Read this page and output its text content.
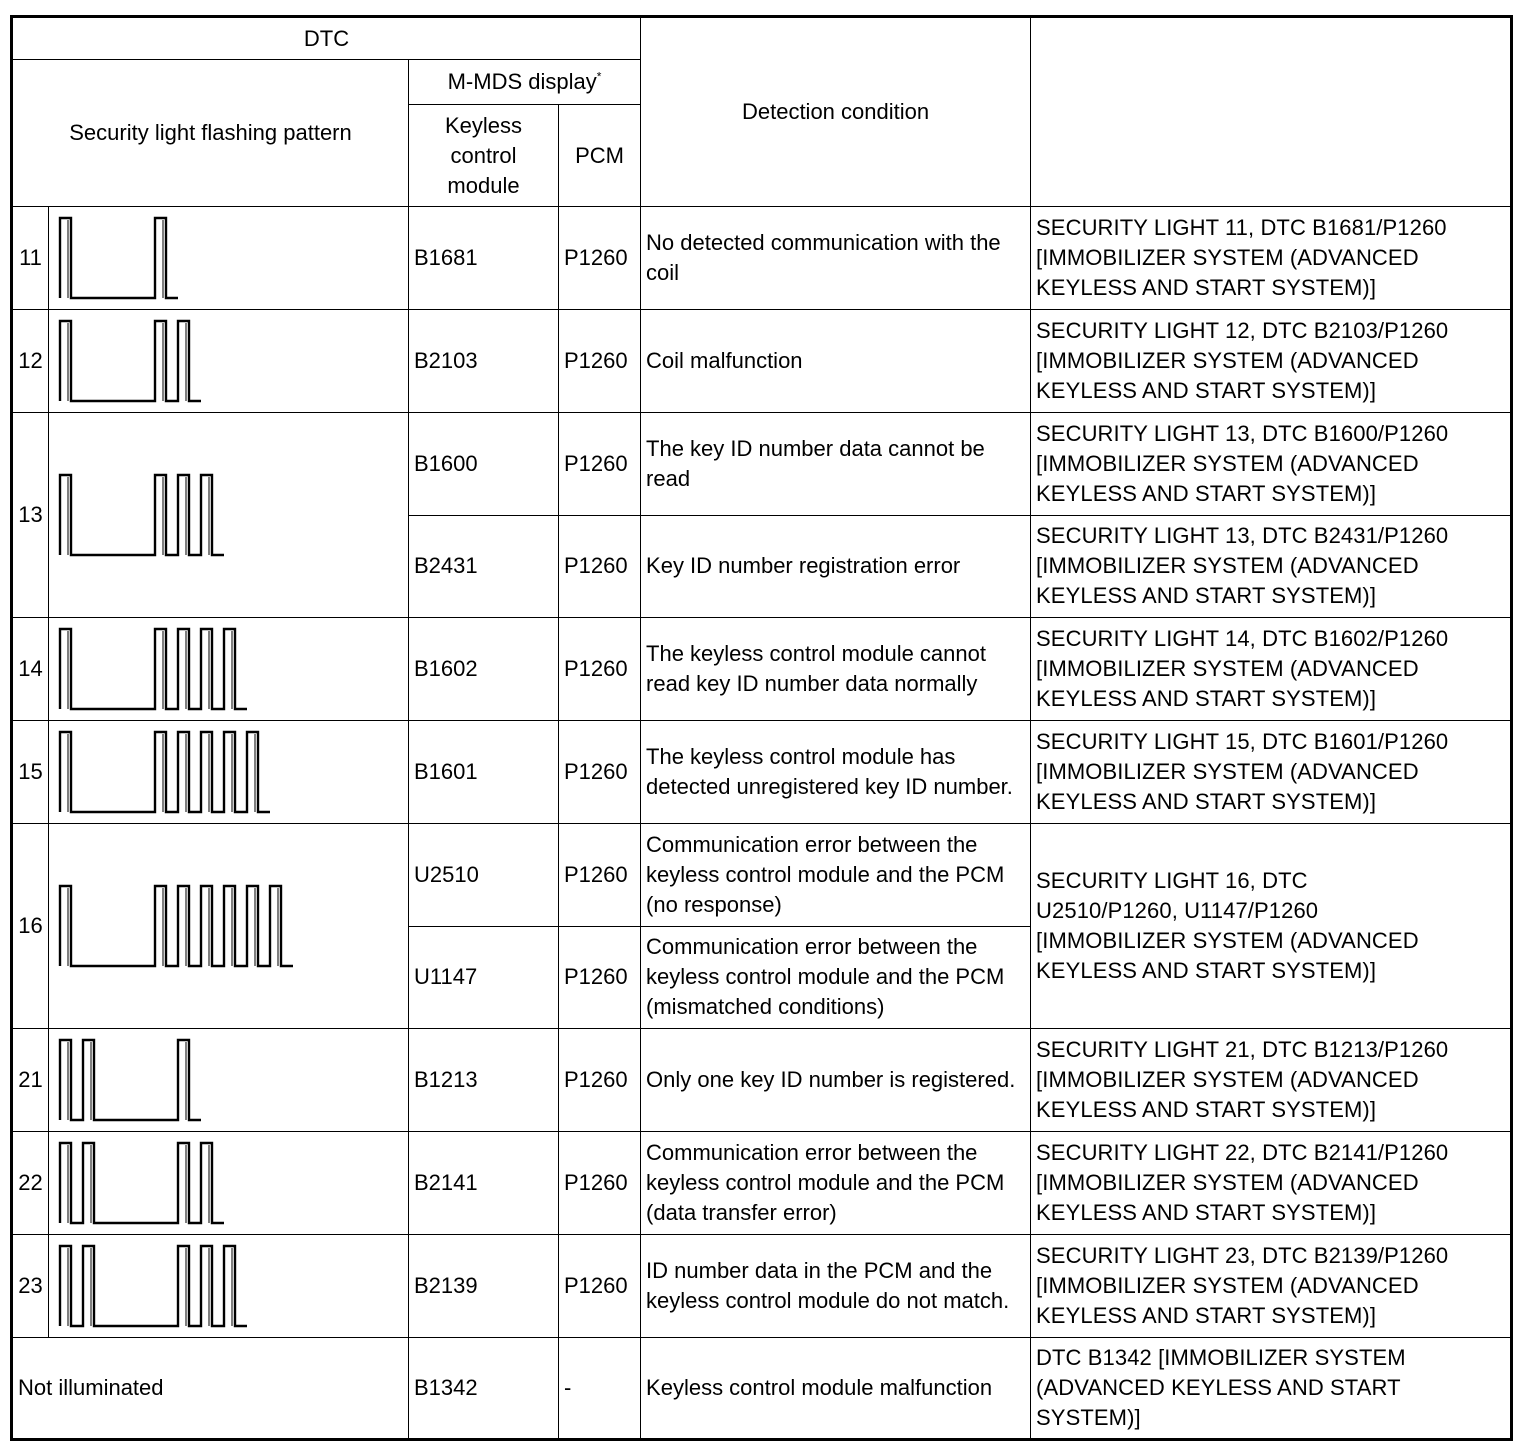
DTC				Detection condition	
Security light flashing pattern		M-MDS display*
		Keyless control module	PCM		
11		B1681	P1260	No detected communication with the coil	SECURITY LIGHT 11, DTC B1681/P1260
[IMMOBILIZER SYSTEM (ADVANCED
KEYLESS AND START SYSTEM)]

12		B2103	P1260	Coil malfunction	SECURITY LIGHT 12, DTC B2103/P1260
[IMMOBILIZER SYSTEM (ADVANCED
KEYLESS AND START SYSTEM)]

13		B1600	P1260	The key ID number data cannot be read	SECURITY LIGHT 13, DTC B1600/P1260
[IMMOBILIZER SYSTEM (ADVANCED
KEYLESS AND START SYSTEM)]

		B2431	P1260	Key ID number registration error	SECURITY LIGHT 13, DTC B2431/P1260
[IMMOBILIZER SYSTEM (ADVANCED
KEYLESS AND START SYSTEM)]

14		B1602	P1260	The keyless control module cannot read key ID number data normally	SECURITY LIGHT 14, DTC B1602/P1260
[IMMOBILIZER SYSTEM (ADVANCED
KEYLESS AND START SYSTEM)]

15		B1601	P1260	The keyless control module has detected unregistered key ID number.	SECURITY LIGHT 15, DTC B1601/P1260
[IMMOBILIZER SYSTEM (ADVANCED
KEYLESS AND START SYSTEM)]

16		U2510	P1260	Communication error between the keyless control module and the PCM (no response)	SECURITY LIGHT 16, DTC
U2510/P1260, U1147/P1260
[IMMOBILIZER SYSTEM (ADVANCED
KEYLESS AND START SYSTEM)]

		U1147	P1260	Communication error between the keyless control module and the PCM (mismatched conditions)	
21		B1213	P1260	Only one key ID number is registered.	SECURITY LIGHT 21, DTC B1213/P1260
[IMMOBILIZER SYSTEM (ADVANCED
KEYLESS AND START SYSTEM)]

22		B2141	P1260	Communication error between the keyless control module and the PCM (data transfer error)	SECURITY LIGHT 22, DTC B2141/P1260
[IMMOBILIZER SYSTEM (ADVANCED
KEYLESS AND START SYSTEM)]

23		B2139	P1260	ID number data in the PCM and the keyless control module do not match.	SECURITY LIGHT 23, DTC B2139/P1260
[IMMOBILIZER SYSTEM (ADVANCED
KEYLESS AND START SYSTEM)]

Not illuminated		B1342	-	Keyless control module malfunction	DTC B1342 [IMMOBILIZER SYSTEM
(ADVANCED KEYLESS AND START
SYSTEM)]
